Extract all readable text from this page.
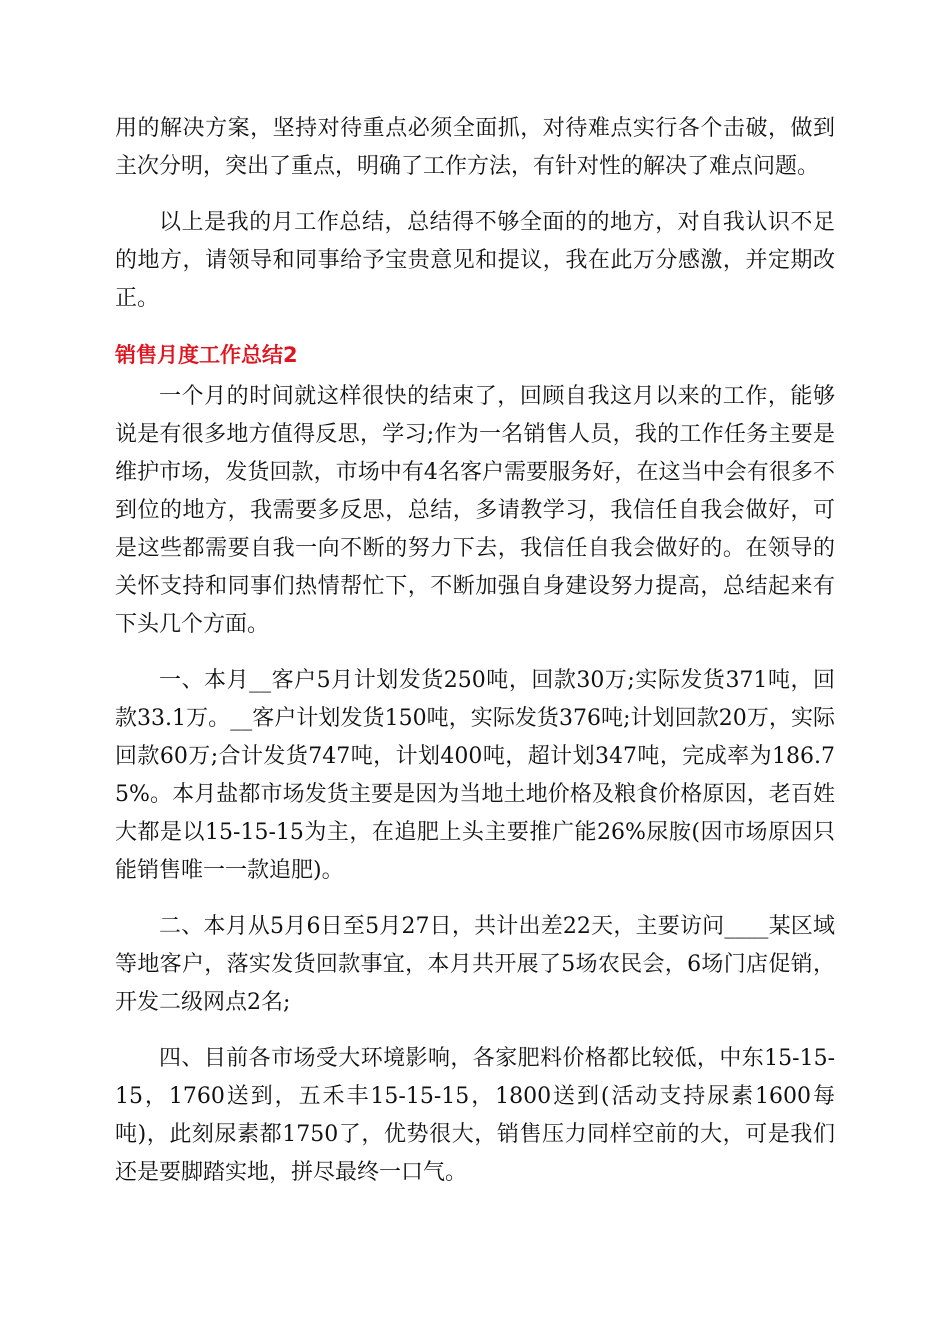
用的解决方案，坚持对待重点必须全面抓，对待难点实行各个击破，做到主次分明，突出了重点，明确了工作方法，有针对性的解决了难点问题。

以上是我的月工作总结，总结得不够全面的的地方，对自我认识不足的地方，请领导和同事给予宝贵意见和提议，我在此万分感激，并定期改正。

销售月度工作总结2

一个月的时间就这样很快的结束了，回顾自我这月以来的工作，能够说是有很多地方值得反思，学习;作为一名销售人员，我的工作任务主要是维护市场，发货回款，市场中有4名客户需要服务好，在这当中会有很多不到位的地方，我需要多反思，总结，多请教学习，我信任自我会做好，可是这些都需要自我一向不断的努力下去，我信任自我会做好的。在领导的关怀支持和同事们热情帮忙下，不断加强自身建设努力提高，总结起来有下头几个方面。

一、本月__客户5月计划发货250吨，回款30万;实际发货371吨，回款33.1万。__客户计划发货150吨，实际发货376吨;计划回款20万，实际回款60万;合计发货747吨，计划400吨，超计划347吨，完成率为186.75%。本月盐都市场发货主要是因为当地土地价格及粮食价格原因，老百姓大都是以15-15-15为主，在追肥上头主要推广能26%尿胺(因市场原因只能销售唯一一款追肥)。

二、本月从5月6日至5月27日，共计出差22天，主要访问____某区域等地客户，落实发货回款事宜，本月共开展了5场农民会，6场门店促销，开发二级网点2名;

四、目前各市场受大环境影响，各家肥料价格都比较低，中东15-15-15，1760送到，五禾丰15-15-15，1800送到(活动支持尿素1600每吨)，此刻尿素都1750了，优势很大，销售压力同样空前的大，可是我们还是要脚踏实地，拼尽最终一口气。
